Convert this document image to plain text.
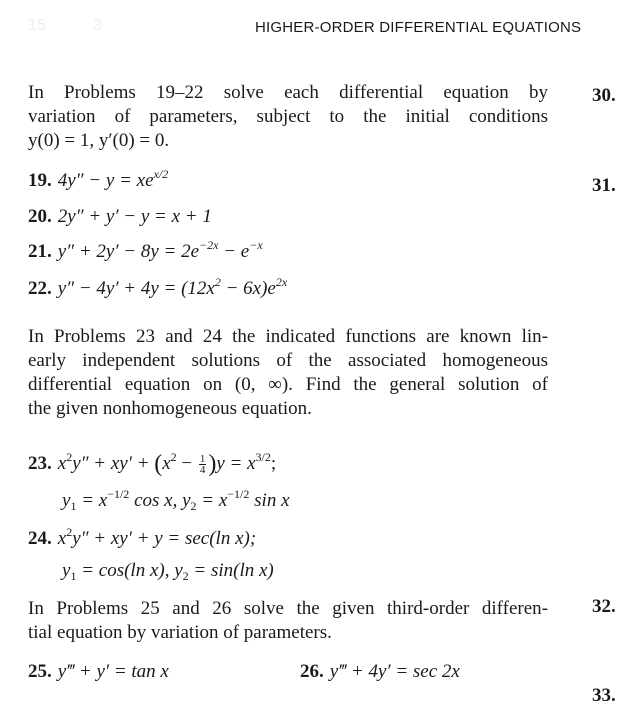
15	3	HIGHER-ORDER DIFFERENTIAL EQUATIONS
In Problems 19–22 solve each differential equation by
variation of parameters, subject to the initial conditions
y(0) = 1, y′(0) = 0.
19. $4y'' - y = xe^{x/2}$
20. 2y″ + y′ − y = x + 1
21. $y'' + 2y' - 8y = 2e^{-2x} - e^{-x}$
22. $y'' - 4y' + 4y = (12x^2 - 6x)e^{2x}$
In Problems 23 and 24 the indicated functions are known lin-
early independent solutions of the associated homogeneous
differential equation on (0, ∞). Find the general solution of
the given nonhomogeneous equation.
23. $x^2y'' + xy' + (x^2 - \frac{1}{4} )y = x^{3/2}$;
$y_1 = x^{-1/2}$ cos x, $y_2 = x^{-1/2}$ sin x
24. $x^2y'' + xy' + y = \sec(\ln$ x);
$y_1 = \cos(\ln$ x), $y_2 = \sin(\ln$ x)
In Problems 25 and 26 solve the given third-order differen-
tial equation by variation of parameters.
25. y‴ + y′ = tan x	26. y‴ + 4y′ = sec 2x
30.
31.
32.
33.
